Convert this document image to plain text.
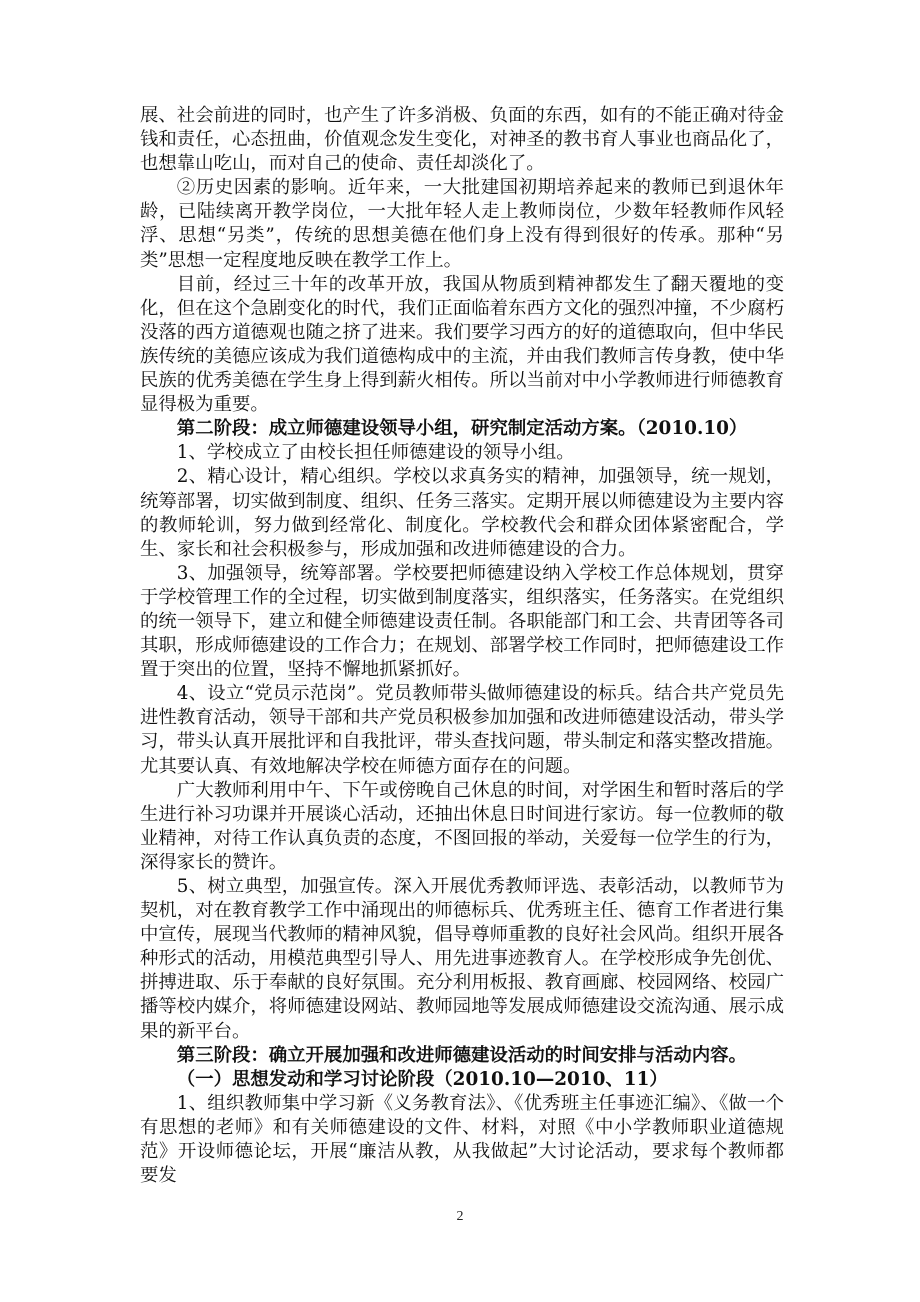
展、社会前进的同时，也产生了许多消极、负面的东西，如有的不能正确对待金钱和责任，心态扭曲，价值观念发生变化，对神圣的教书育人事业也商品化了，也想靠山吃山，而对自己的使命、责任却淡化了。

②历史因素的影响。近年来，一大批建国初期培养起来的教师已到退休年龄，已陆续离开教学岗位，一大批年轻人走上教师岗位，少数年轻教师作风轻浮、思想“另类”，传统的思想美德在他们身上没有得到很好的传承。那种“另类”思想一定程度地反映在教学工作上。

目前，经过三十年的改革开放，我国从物质到精神都发生了翻天覆地的变化，但在这个急剧变化的时代，我们正面临着东西方文化的强烈冲撞，不少腐朽没落的西方道德观也随之挤了进来。我们要学习西方的好的道德取向，但中华民族传统的美德应该成为我们道德构成中的主流，并由我们教师言传身教，使中华民族的优秀美德在学生身上得到薪火相传。所以当前对中小学教师进行师德教育显得极为重要。

第二阶段：成立师德建设领导小组，研究制定活动方案。（2010.10）

1、学校成立了由校长担任师德建设的领导小组。

2、精心设计，精心组织。学校以求真务实的精神，加强领导，统一规划，统筹部署，切实做到制度、组织、任务三落实。定期开展以师德建设为主要内容的教师轮训，努力做到经常化、制度化。学校教代会和群众团体紧密配合，学生、家长和社会积极参与，形成加强和改进师德建设的合力。

3、加强领导，统筹部署。学校要把师德建设纳入学校工作总体规划，贯穿于学校管理工作的全过程，切实做到制度落实，组织落实，任务落实。在党组织的统一领导下，建立和健全师德建设责任制。各职能部门和工会、共青团等各司其职，形成师德建设的工作合力；在规划、部署学校工作同时，把师德建设工作置于突出的位置，坚持不懈地抓紧抓好。

4、设立“党员示范岗”。党员教师带头做师德建设的标兵。结合共产党员先进性教育活动，领导干部和共产党员积极参加加强和改进师德建设活动，带头学习，带头认真开展批评和自我批评，带头查找问题，带头制定和落实整改措施。尤其要认真、有效地解决学校在师德方面存在的问题。

广大教师利用中午、下午或傍晚自己休息的时间，对学困生和暂时落后的学生进行补习功课并开展谈心活动，还抽出休息日时间进行家访。每一位教师的敬业精神，对待工作认真负责的态度，不图回报的举动，关爱每一位学生的行为，深得家长的赞许。

5、树立典型，加强宣传。深入开展优秀教师评选、表彰活动，以教师节为契机，对在教育教学工作中涌现出的师德标兵、优秀班主任、德育工作者进行集中宣传，展现当代教师的精神风貌，倡导尊师重教的良好社会风尚。组织开展各种形式的活动，用模范典型引导人、用先进事迹教育人。在学校形成争先创优、拼搏进取、乐于奉献的良好氛围。充分利用板报、教育画廊、校园网络、校园广播等校内媒介，将师德建设网站、教师园地等发展成师德建设交流沟通、展示成果的新平台。

第三阶段：确立开展加强和改进师德建设活动的时间安排与活动内容。

（一）思想发动和学习讨论阶段（2010.10—2010、11）

1、组织教师集中学习新《义务教育法》、《优秀班主任事迹汇编》、《做一个有思想的老师》和有关师德建设的文件、材料，对照《中小学教师职业道德规范》开设师德论坛，开展“廉洁从教，从我做起”大讨论活动，要求每个教师都要发

2
